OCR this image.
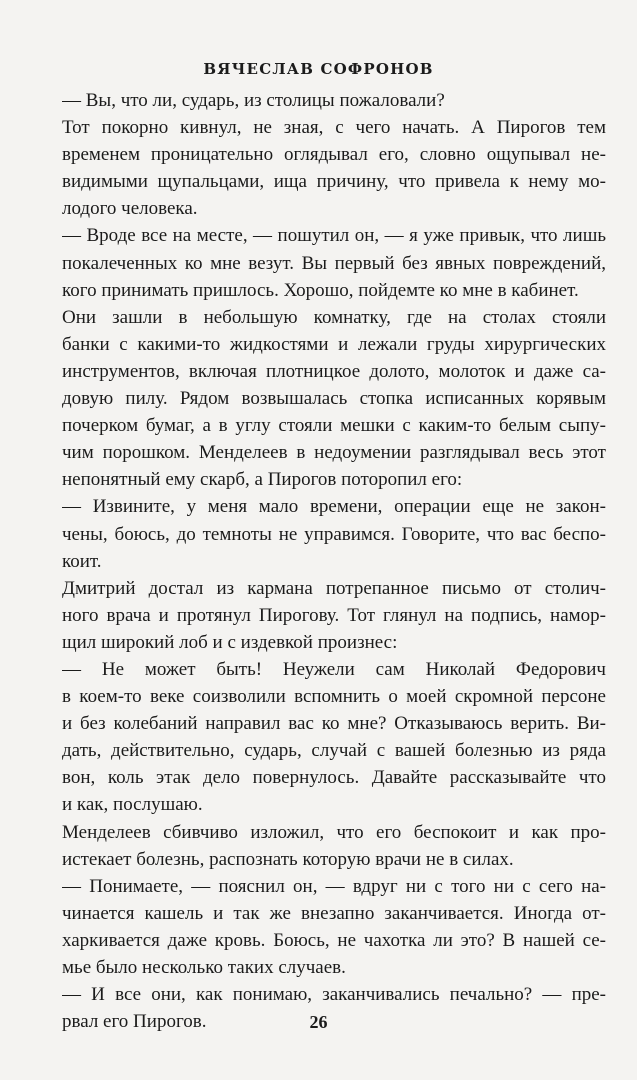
ВЯЧЕСЛАВ СОФРОНОВ

— Вы, что ли, сударь, из столицы пожаловали?
Тот покорно кивнул, не зная, с чего начать. А Пирогов тем
временем проницательно оглядывал его, словно ощупывал не-
видимыми щупальцами, ища причину, что привела к нему мо-
лодого человека.
— Вроде все на месте, — пошутил он, — я уже привык, что лишь
покалеченных ко мне везут. Вы первый без явных повреждений,
кого принимать пришлось. Хорошо, пойдемте ко мне в кабинет.
Они зашли в небольшую комнатку, где на столах стояли
банки с какими-то жидкостями и лежали груды хирургических
инструментов, включая плотницкое долото, молоток и даже са-
довую пилу. Рядом возвышалась стопка исписанных корявым
почерком бумаг, а в углу стояли мешки с каким-то белым сыпу-
чим порошком. Менделеев в недоумении разглядывал весь этот
непонятный ему скарб, а Пирогов поторопил его:
— Извините, у меня мало времени, операции еще не закон-
чены, боюсь, до темноты не управимся. Говорите, что вас беспо-
коит.
Дмитрий достал из кармана потрепанное письмо от столич-
ного врача и протянул Пирогову. Тот глянул на подпись, намор-
щил широкий лоб и с издевкой произнес:
— Не может быть! Неужели сам Николай Федорович
в коем-то веке соизволили вспомнить о моей скромной персоне
и без колебаний направил вас ко мне? Отказываюсь верить. Ви-
дать, действительно, сударь, случай с вашей болезнью из ряда
вон, коль этак дело повернулось. Давайте рассказывайте что
и как, послушаю.
Менделеев сбивчиво изложил, что его беспокоит и как про-
истекает болезнь, распознать которую врачи не в силах.
— Понимаете, — пояснил он, — вдруг ни с того ни с сего на-
чинается кашель и так же внезапно заканчивается. Иногда от-
харкивается даже кровь. Боюсь, не чахотка ли это? В нашей се-
мье было несколько таких случаев.
— И все они, как понимаю, заканчивались печально? — пре-
рвал его Пирогов.	26
